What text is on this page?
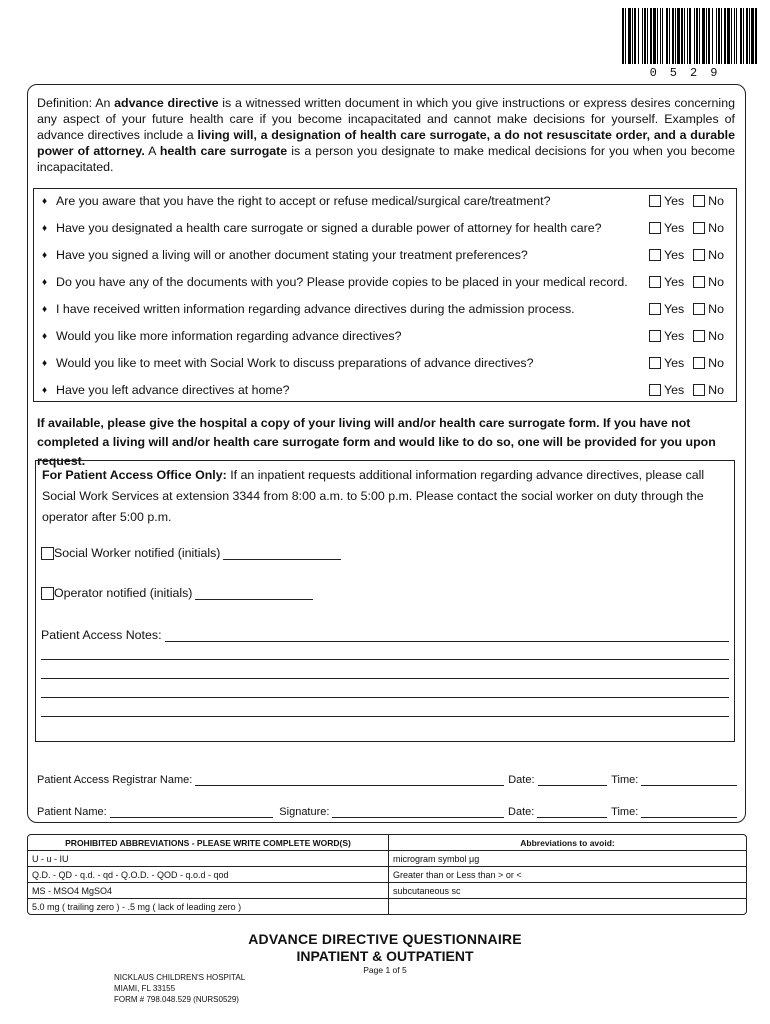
0529
Definition: An advance directive is a witnessed written document in which you give instructions or express desires concerning any aspect of your future health care if you become incapacitated and cannot make decisions for yourself. Examples of advance directives include a living will, a designation of health care surrogate, a do not resuscitate order, and a durable power of attorney. A health care surrogate is a person you designate to make medical decisions for you when you become incapacitated.
♦ Are you aware that you have the right to accept or refuse medical/surgical care/treatment?	Yes No
♦ Have you designated a health care surrogate or signed a durable power of attorney for health care?	Yes No
♦ Have you signed a living will or another document stating your treatment preferences?	Yes No
♦ Do you have any of the documents with you? Please provide copies to be placed in your medical record.	Yes No
♦ I have received written information regarding advance directives during the admission process.	Yes No
♦ Would you like more information regarding advance directives?	Yes No
♦ Would you like to meet with Social Work to discuss preparations of advance directives?	Yes No
♦ Have you left advance directives at home?	Yes No
If available, please give the hospital a copy of your living will and/or health care surrogate form. If you have not completed a living will and/or health care surrogate form and would like to do so, one will be provided for you upon request.
For Patient Access Office Only: If an inpatient requests additional information regarding advance directives, please call Social Work Services at extension 3344 from 8:00 a.m. to 5:00 p.m. Please contact the social worker on duty through the operator after 5:00 p.m.
Social Worker notified (initials)
Operator notified (initials)
Patient Access Notes:
Patient Access Registrar Name:	Date:	Time:
Patient Name:	Signature:	Date:	Time:
PROHIBITED ABBREVIATIONS - PLEASE WRITE COMPLETE WORD(S)	Abbreviations to avoid:
U - u - IU	microgram symbol μg
Q.D. - QD - q.d. - qd - Q.O.D. - QOD - q.o.d - qod	Greater than or Less than > or <
MS - MSO4 MgSO4	subcutaneous sc
5.0 mg ( trailing zero ) - .5 mg ( lack of leading zero )	
ADVANCE DIRECTIVE QUESTIONNAIRE
INPATIENT & OUTPATIENT
Page 1 of 5
NICKLAUS CHILDREN'S HOSPITAL
MIAMI, FL 33155
FORM # 798.048.529 (NURS0529)
